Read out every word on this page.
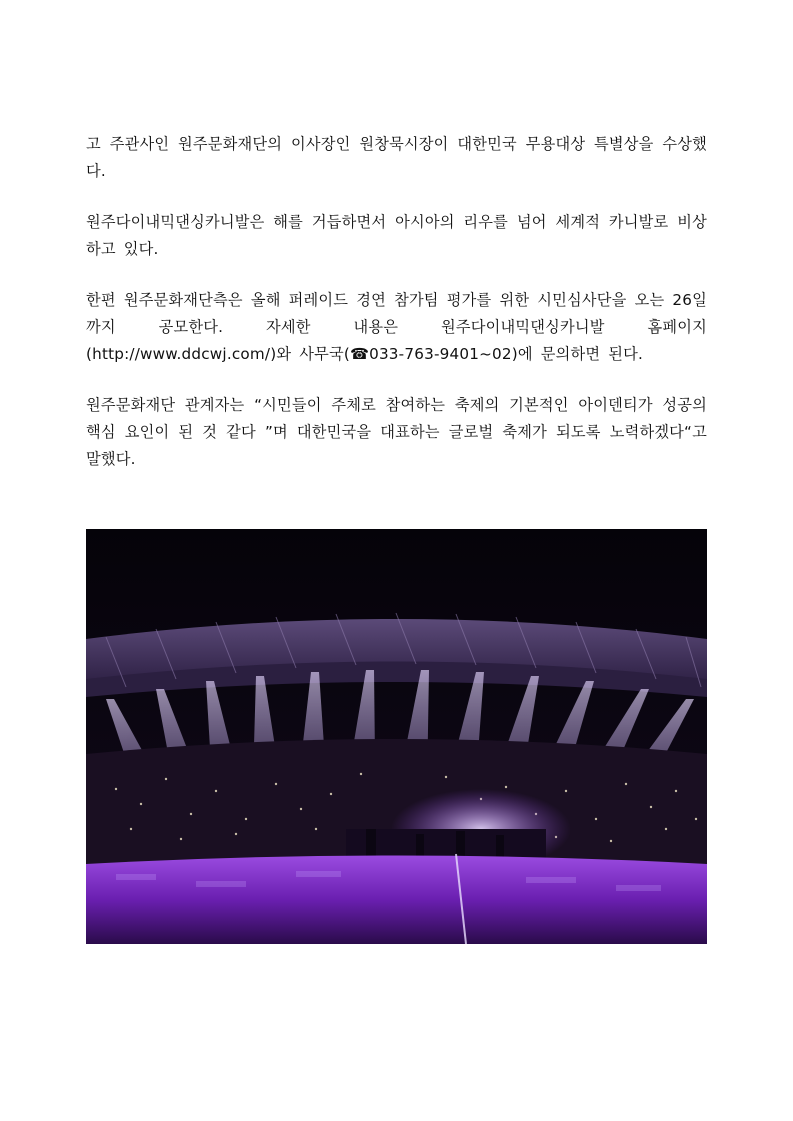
고 주관사인 원주문화재단의 이사장인 원창묵시장이 대한민국 무용대상 특별상을 수상했다.

원주다이내믹댄싱카니발은 해를 거듭하면서 아시아의 리우를 넘어 세계적 카니발로 비상하고 있다.

한편 원주문화재단측은 올해 퍼레이드 경연 참가팀 평가를 위한 시민심사단을 오는 26일까지 공모한다. 자세한 내용은 원주다이내믹댄싱카니발 홈페이지(http://www.ddcwj.com/)와 사무국(☎033-763-9401~02)에 문의하면 된다.

원주문화재단 관계자는 “시민들이 주체로 참여하는 축제의 기본적인 아이덴티가 성공의 핵심 요인이 된 것 같다 ”며 대한민국을 대표하는 글로벌 축제가 되도록 노력하겠다“고 말했다.
